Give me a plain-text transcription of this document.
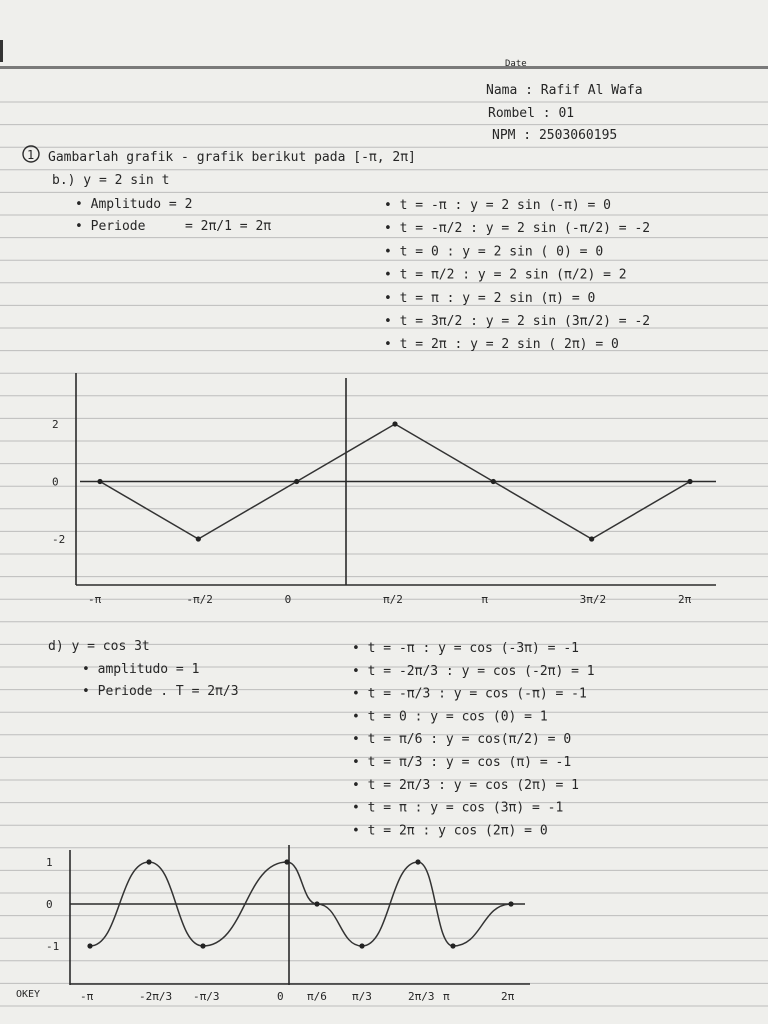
Date
Nama : Rafif Al Wafa
Rombel : 01
NPM : 2503060195
1 Gambarlah grafik - grafik berikut pada [-π, 2π]
b.) y = 2 sin t
• Amplitudo = 2
• Periode	= 2π/1 = 2π
• t = -π : y = 2 sin (-π) = 0
• t = -π/2 : y = 2 sin (-π/2) = -2
• t = 0 : y = 2 sin ( 0) = 0
• t = π/2 : y = 2 sin (π/2) = 2
• t = π : y = 2 sin (π) = 0
• t = 3π/2 : y = 2 sin (3π/2) = -2
• t = 2π : y = 2 sin ( 2π) = 0
2
0
-2
-π	-π/2	0	π/2	π	3π/2	2π
d) y = cos 3t
• amplitudo = 1
• Periode . T = 2π/3
• t = -π : y = cos (-3π) = -1
• t = -2π/3 : y = cos (-2π) = 1
• t = -π/3 : y = cos (-π) = -1
• t = 0 : y = cos (0) = 1
• t = π/6 : y = cos(π/2) = 0
• t = π/3 : y = cos (π) = -1
• t = 2π/3 : y = cos (2π) = 1
• t = π : y = cos (3π) = -1
• t = 2π : y cos (2π) = 0
1
0
-1
-π	-2π/3 -π/3	0 π/6 π/3	2π/3 π	2π
OKEY
